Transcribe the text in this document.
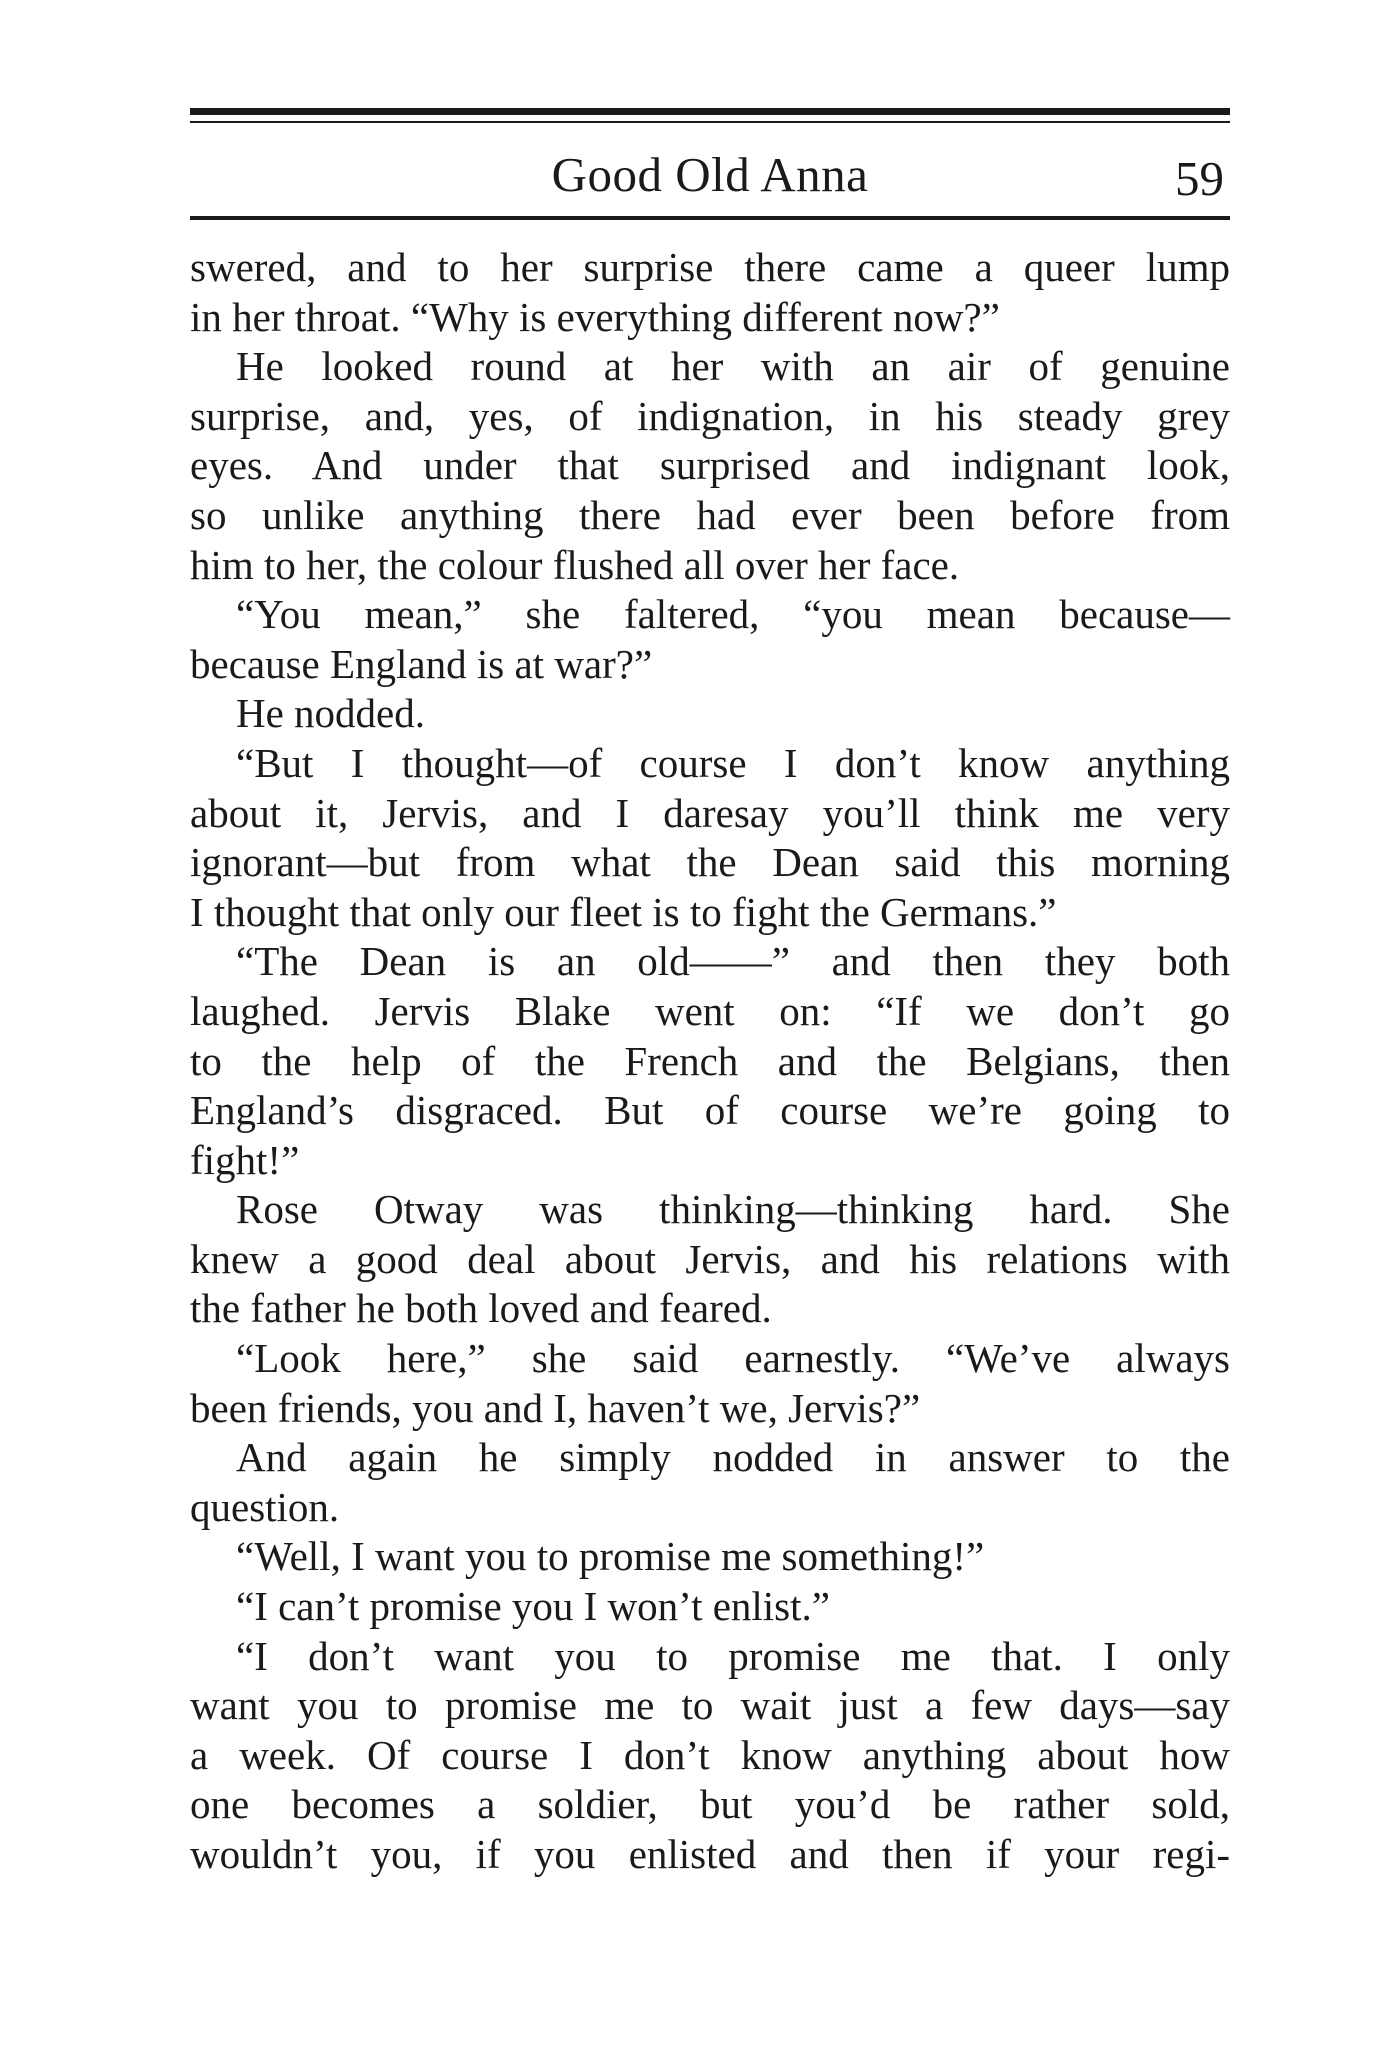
Good Old Anna	59
swered, and to her surprise there came a queer lump
in her throat. “Why is everything different now?”
He looked round at her with an air of genuine
surprise, and, yes, of indignation, in his steady grey
eyes. And under that surprised and indignant look,
so unlike anything there had ever been before from
him to her, the colour flushed all over her face.
“You mean,” she faltered, “you mean because—
because England is at war?”
He nodded.
“But I thought—of course I don’t know anything
about it, Jervis, and I daresay you’ll think me very
ignorant—but from what the Dean said this morning
I thought that only our fleet is to fight the Germans.”
“The Dean is an old——” and then they both
laughed. Jervis Blake went on: “If we don’t go
to the help of the French and the Belgians, then
England’s disgraced. But of course we’re going to
fight!”
Rose Otway was thinking—thinking hard. She
knew a good deal about Jervis, and his relations with
the father he both loved and feared.
“Look here,” she said earnestly. “We’ve always
been friends, you and I, haven’t we, Jervis?”
And again he simply nodded in answer to the
question.
“Well, I want you to promise me something!”
“I can’t promise you I won’t enlist.”
“I don’t want you to promise me that. I only
want you to promise me to wait just a few days—say
a week. Of course I don’t know anything about how
one becomes a soldier, but you’d be rather sold,
wouldn’t you, if you enlisted and then if your regi-
